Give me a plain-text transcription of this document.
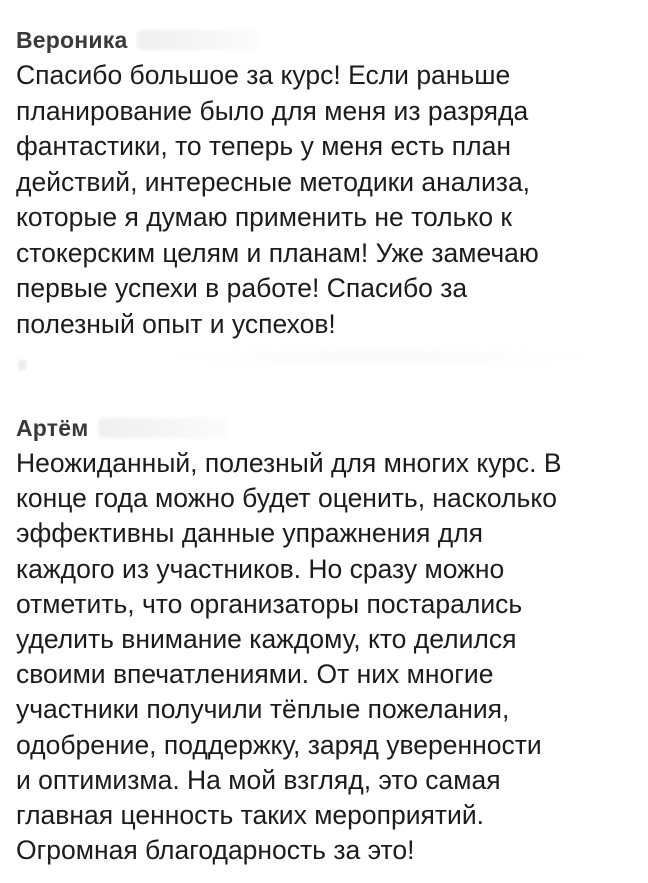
Вероника
Спасибо большое за курс! Если раньше
планирование было для меня из разряда
фантастики, то теперь у меня есть план
действий, интересные методики анализа,
которые я думаю применить не только к
стокерским целям и планам! Уже замечаю
первые успехи в работе! Спасибо за
полезный опыт и успехов!
Артём
Неожиданный, полезный для многих курс. В
конце года можно будет оценить, насколько
эффективны данные упражнения для
каждого из участников. Но сразу можно
отметить, что организаторы постарались
уделить внимание каждому, кто делился
своими впечатлениями. От них многие
участники получили тёплые пожелания,
одобрение, поддержку, заряд уверенности
и оптимизма. На мой взгляд, это самая
главная ценность таких мероприятий.
Огромная благодарность за это!
